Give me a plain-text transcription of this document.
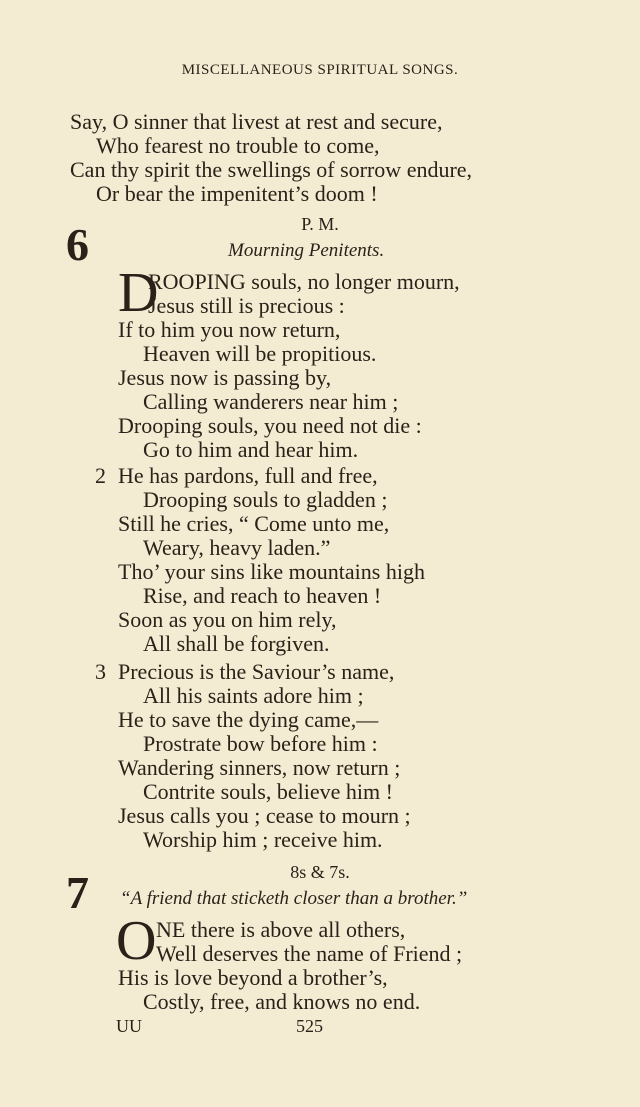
MISCELLANEOUS SPIRITUAL SONGS.
Say, O sinner that livest at rest and secure,
Who fearest no trouble to come,
Can thy spirit the swellings of sorrow endure,
Or bear the impenitent’s doom !
6	P. M.
Mourning Penitents.
D
ROOPING souls, no longer mourn,
Jesus still is precious :
If to him you now return,
Heaven will be propitious.
Jesus now is passing by,
Calling wanderers near him ;
Drooping souls, you need not die :
Go to him and hear him.
2 He has pardons, full and free,
Drooping souls to gladden ;
Still he cries, “ Come unto me,
Weary, heavy laden.”
Tho’ your sins like mountains high
Rise, and reach to heaven !
Soon as you on him rely,
All shall be forgiven.
3 Precious is the Saviour’s name,
All his saints adore him ;
He to save the dying came,—
Prostrate bow before him :
Wandering sinners, now return ;
Contrite souls, believe him !
Jesus calls you ; cease to mourn ;
Worship him ; receive him.
8s & 7s.
7 “A friend that sticketh closer than a brother.”
O NE there is above all others,
Well deserves the name of Friend ;
His is love beyond a brother’s,
Costly, free, and knows no end.
UU	525
